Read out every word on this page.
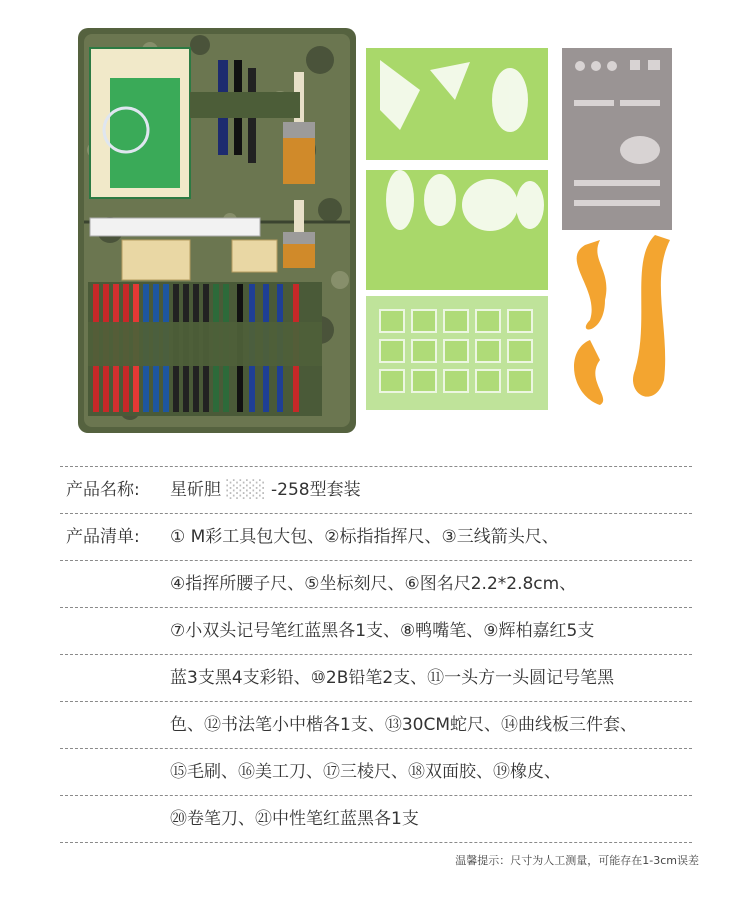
产品名称: 星斫胆 ░░░ -258型套装
产品清单: ① M彩工具包大包、②标指指挥尺、③三线箭头尺、
④指挥所腰子尺、⑤坐标刻尺、⑥图名尺2.2*2.8cm、
⑦小双头记号笔红蓝黑各1支、⑧鸭嘴笔、⑨辉柏嘉红5支
蓝3支黑4支彩铅、⑩2B铅笔2支、⑪一头方一头圆记号笔黑
色、⑫书法笔小中楷各1支、⑬30CM蛇尺、⑭曲线板三件套、
⑮毛刷、⑯美工刀、⑰三棱尺、⑱双面胶、⑲橡皮、
⑳卷笔刀、㉑中性笔红蓝黑各1支
温馨提示：尺寸为人工测量，可能存在1-3cm误差
